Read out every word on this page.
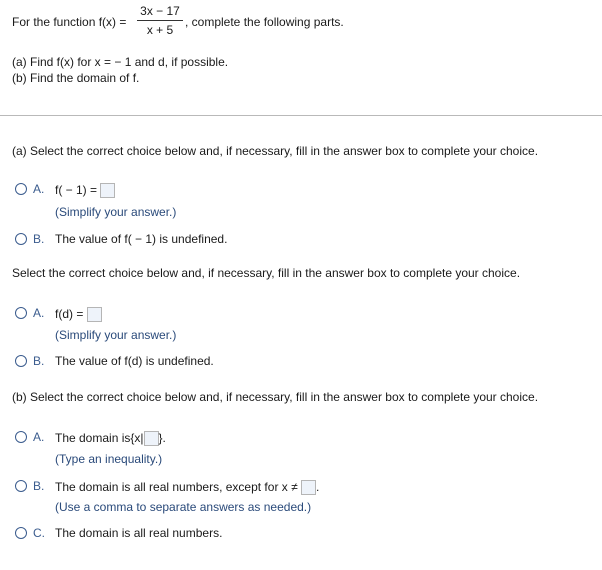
For the function f(x) =
3x − 17
x + 5
, complete the following parts.
(a) Find f(x) for x = − 1 and d, if possible.
(b) Find the domain of f.
(a) Select the correct choice below and, if necessary, fill in the answer box to complete your choice.
A. f( − 1) =
(Simplify your answer.)
B. The value of f( − 1) is undefined.
Select the correct choice below and, if necessary, fill in the answer box to complete your choice.
A. f(d) =
(Simplify your answer.)
B. The value of f(d) is undefined.
(b) Select the correct choice below and, if necessary, fill in the answer box to complete your choice.
A. The domain is{x| }.
(Type an inequality.)
B. The domain is all real numbers, except for x ≠ .
(Use a comma to separate answers as needed.)
C. The domain is all real numbers.
